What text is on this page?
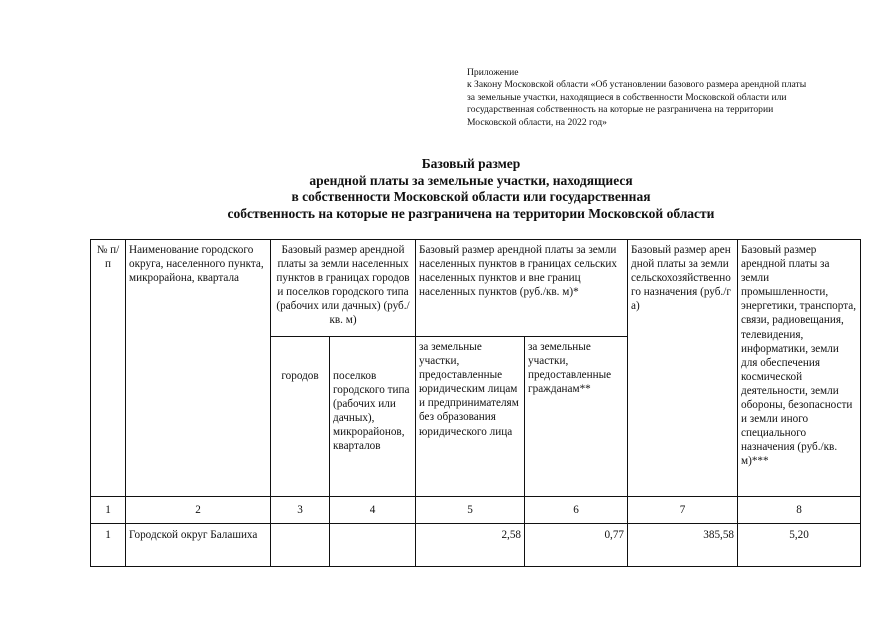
Приложение
к Закону Московской области «Об установлении базового размера арендной платы
за земельные участки, находящиеся в собственности Московской области или
государственная собственность на которые не разграничена на территории
Московской области, на 2022 год»
Базовый размер
арендной платы за земельные участки, находящиеся
в собственности Московской области или государственная
собственность на которые не разграничена на территории Московской области
№ п/п	Наименование городского округа, населенного пункта, микрорайона, квартала	Базовый размер арендной платы за земли населенных пунктов в границах городов и поселков городского типа (рабочих или дачных) (руб./кв. м)		Базовый размер арендной платы за земли населенных пунктов в границах сельских населенных пунктов и вне границ населенных пунктов (руб./кв. м)*		Базовый размер арендной платы за земли сельскохозяйственного назначения (руб./га)	Базовый размер арендной платы за земли промышленности, энергетики, транспорта, связи, радиовещания, телевидения, информатики, земли для обеспечения космической деятельности, земли обороны, безопасности и земли иного специального назначения (руб./кв. м)***
		городов	поселков городского типа (рабочих или дачных), микрорайонов, кварталов	за земельные участки, предоставленные юридическим лицам и предпринимателям без образования юридического лица	за земельные участки, предоставленные гражданам**		
1	2	3	4	5	6	7	8
1	Городской округ Балашиха			2,58	0,77	385,58	5,20
